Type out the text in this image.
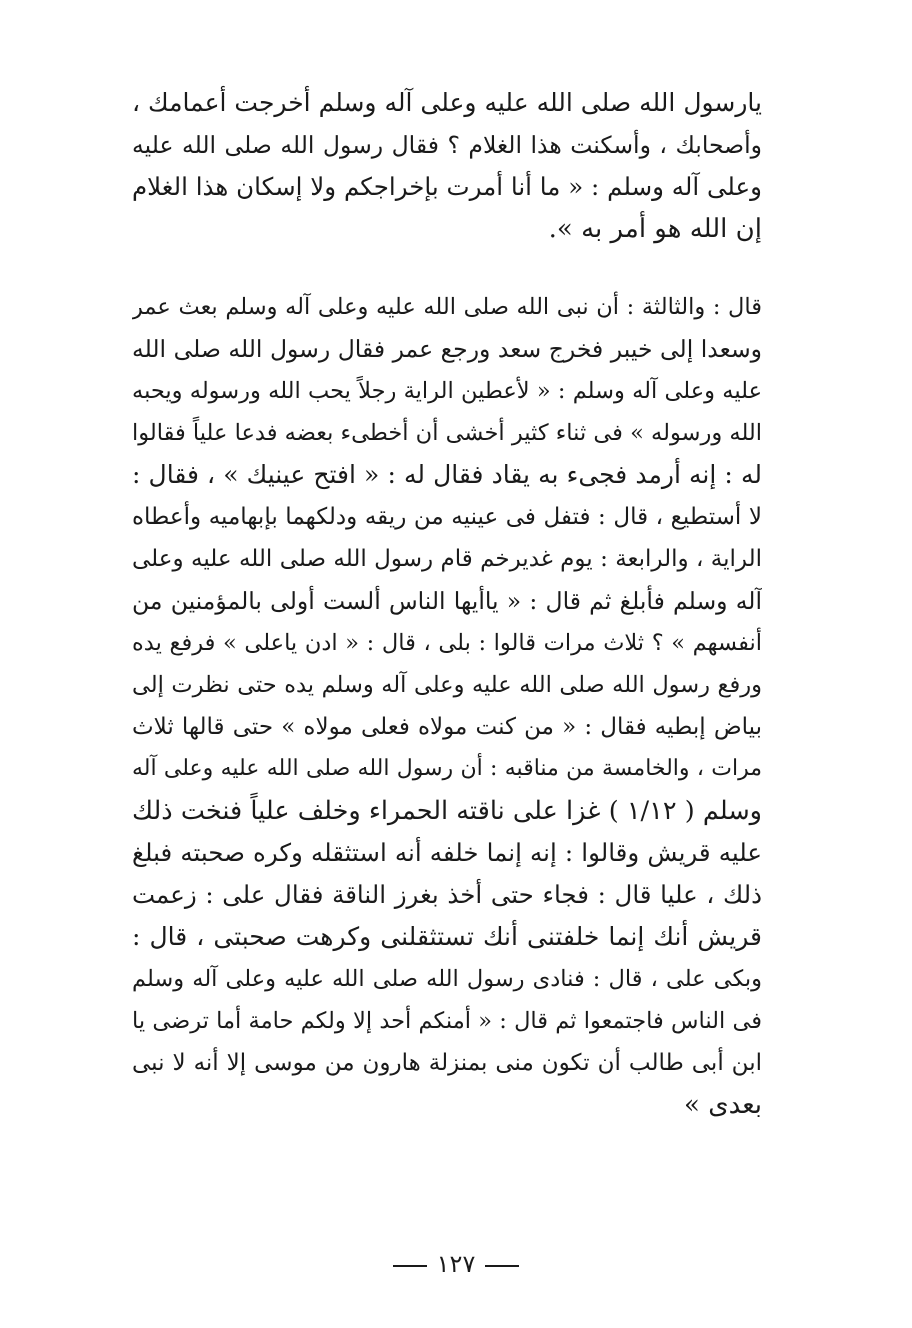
يارسول الله صلى الله عليه وعلى آله وسلم أخرجت أعمامك ،
وأصحابك ، وأسكنت هذا الغلام ؟ فقال رسول الله صلى الله عليه
وعلى آله وسلم : « ما أنا أمرت بإخراجكم ولا إسكان هذا الغلام
إن الله هو أمر به ».
قال : والثالثة : أن نبى الله صلى الله عليه وعلى آله وسلم بعث عمر
وسعدا إلى خيبر فخرج سعد ورجع عمر فقال رسول الله صلى الله
عليه وعلى آله وسلم : « لأعطين الراية رجلاً يحب الله ورسوله ويحبه
الله ورسوله » فى ثناء كثير أخشى أن أخطىء بعضه فدعا علياً فقالوا
له : إنه أرمد فجىء به يقاد فقال له : « افتح عينيك » ، فقال :
لا أستطيع ، قال : فتفل فى عينيه من ريقه ودلكهما بإبهاميه وأعطاه
الراية ، والرابعة : يوم غديرخم قام رسول الله صلى الله عليه وعلى
آله وسلم فأبلغ ثم قال : « ياأيها الناس ألست أولى بالمؤمنين من
أنفسهم » ؟ ثلاث مرات قالوا : بلى ، قال : « ادن ياعلى » فرفع يده
ورفع رسول الله صلى الله عليه وعلى آله وسلم يده حتى نظرت إلى
بياض إبطيه فقال : « من كنت مولاه فعلى مولاه » حتى قالها ثلاث
مرات ، والخامسة من مناقبه : أن رسول الله صلى الله عليه وعلى آله
وسلم ( ١/١٢ ) غزا على ناقته الحمراء وخلف علياً فنخت ذلك
عليه قريش وقالوا : إنه إنما خلفه أنه استثقله وكره صحبته فبلغ
ذلك ، عليا قال : فجاء حتى أخذ بغرز الناقة فقال على : زعمت
قريش أنك إنما خلفتنى أنك تستثقلنى وكرهت صحبتى ، قال :
وبكى على ، قال : فنادى رسول الله صلى الله عليه وعلى آله وسلم
فى الناس فاجتمعوا ثم قال : « أمنكم أحد إلا ولكم حامة أما ترضى يا
ابن أبى طالب أن تكون منى بمنزلة هارون من موسى إلا أنه لا نبى
بعدى »
١٢٧
